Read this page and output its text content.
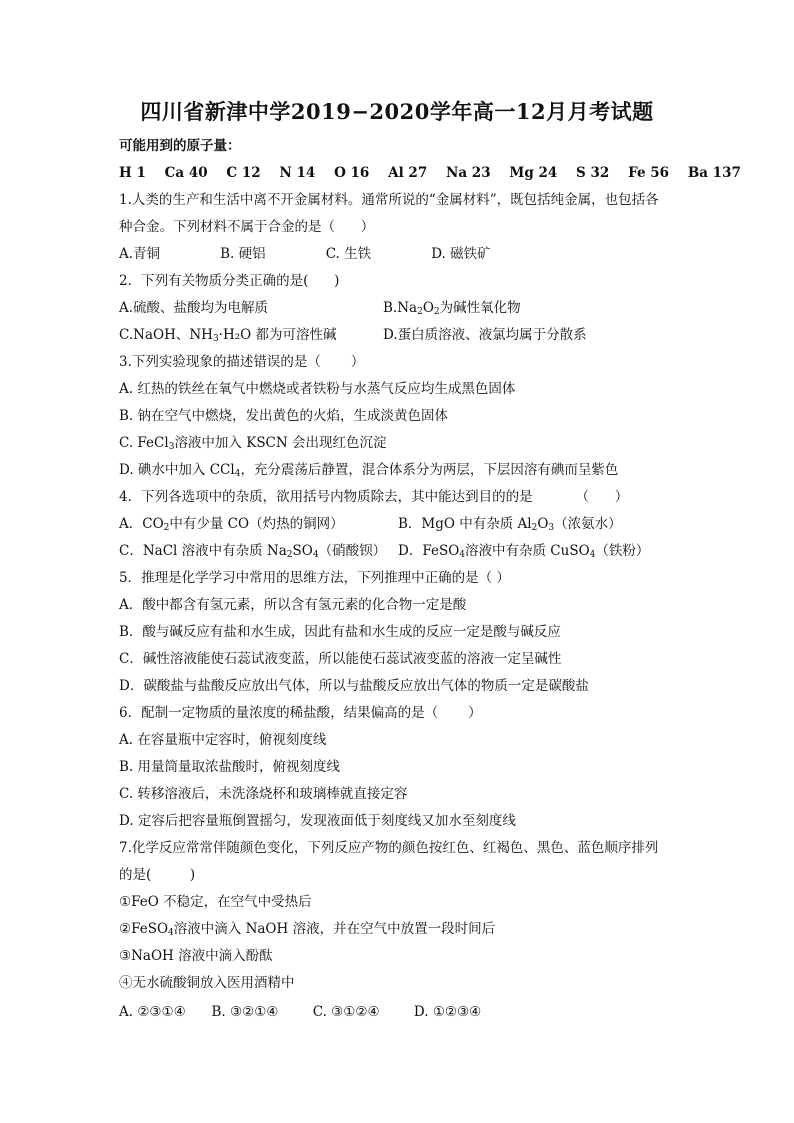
四川省新津中学2019−2020学年高一12月月考试题
可能用到的原子量：
H 1    Ca 40    C 12    N 14    O 16    Al 27    Na 23    Mg 24    S 32    Fe 56    Ba 137
1.人类的生产和生活中离不开金属材料。通常所说的“金属材料”，既包括纯金属，也包括各
种合金。下列材料不属于合金的是（      ）
A.青铜              B. 硬铝              C. 生铁              D. 磁铁矿
2．下列有关物质分类正确的是(      )
A.硫酸、盐酸均为电解质	$B.Na_2O_2$为碱性氧化物
C.NaOH、$NH_3\cdot H_2O$ 都为可溶性碱	D.蛋白质溶液、液氯均属于分散系
3.下列实验现象的描述错误的是（       ）
A. 红热的铁丝在氧气中燃烧或者铁粉与水蒸气反应均生成黑色固体
B. 钠在空气中燃烧，发出黄色的火焰，生成淡黄色固体
C. FeCl$_3$溶液中加入 KSCN 会出现红色沉淀
D. 碘水中加入 CCl$_4$，充分震荡后静置，混合体系分为两层，下层因溶有碘而呈紫色
4．下列各选项中的杂质，欲用括号内物质除去，其中能达到目的的是          （      ）
A．$CO_2$中有少量 CO（灼热的铜网）	B．MgO 中有杂质 $Al_2O_3$（浓氨水）
C．NaCl 溶液中有杂质 $Na_2SO_4$（硝酸钡） D．FeSO$_4$溶液中有杂质 CuSO$_4$（铁粉）
5．推理是化学学习中常用的思维方法，下列推理中正确的是（ ）
A．酸中都含有氢元素，所以含有氢元素的化合物一定是酸
B．酸与碱反应有盐和水生成，因此有盐和水生成的反应一定是酸与碱反应
C．碱性溶液能使石蕊试液变蓝，所以能使石蕊试液变蓝的溶液一定呈碱性
D．碳酸盐与盐酸反应放出气体，所以与盐酸反应放出气体的物质一定是碳酸盐
6．配制一定物质的量浓度的稀盐酸，结果偏高的是（       ）
A. 在容量瓶中定容时，俯视刻度线
B. 用量筒量取浓盐酸时，俯视刻度线
C. 转移溶液后，未洗涤烧杯和玻璃棒就直接定容
D. 定容后把容量瓶倒置摇匀，发现液面低于刻度线又加水至刻度线
7.化学反应常常伴随颜色变化，下列反应产物的颜色按红色、红褐色、黑色、蓝色顺序排列
的是(         )
①FeO 不稳定，在空气中受热后
②FeSO$_4$溶液中滴入 NaOH 溶液，并在空气中放置一段时间后
③NaOH 溶液中滴入酚酞
④无水硫酸铜放入医用酒精中
A. ②③①④      B. ③②①④        C. ③①②④        D. ①②③④
